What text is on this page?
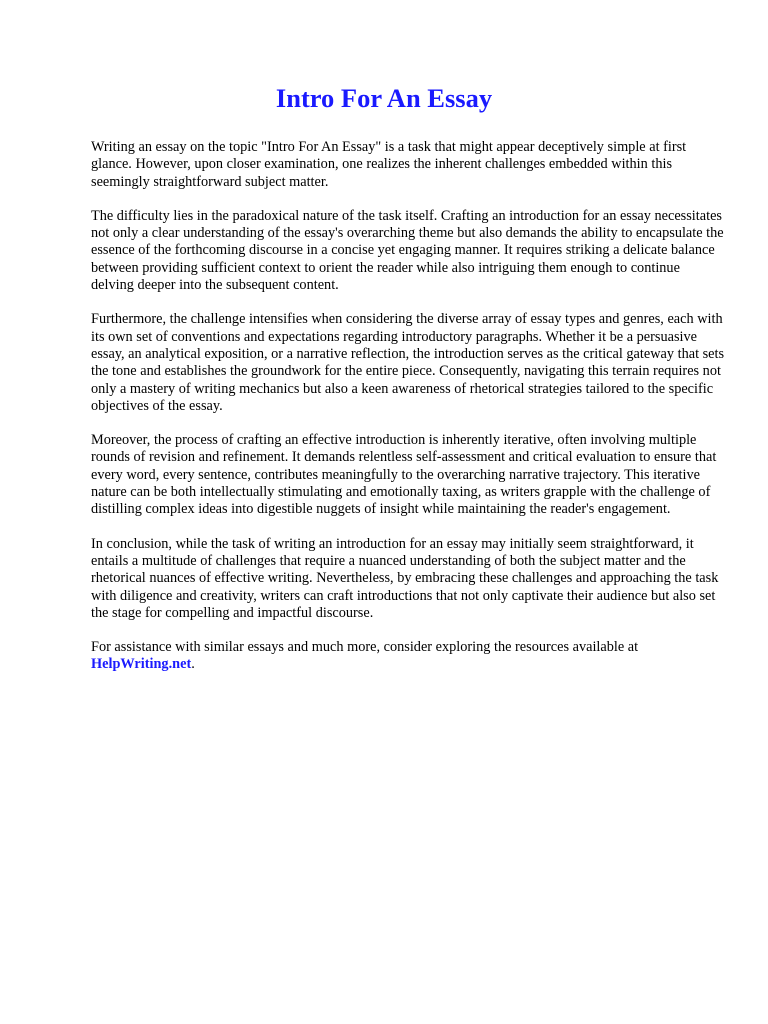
Intro For An Essay

Writing an essay on the topic "Intro For An Essay" is a task that might appear deceptively simple at first glance. However, upon closer examination, one realizes the inherent challenges embedded within this seemingly straightforward subject matter.

The difficulty lies in the paradoxical nature of the task itself. Crafting an introduction for an essay necessitates not only a clear understanding of the essay's overarching theme but also demands the ability to encapsulate the essence of the forthcoming discourse in a concise yet engaging manner. It requires striking a delicate balance between providing sufficient context to orient the reader while also intriguing them enough to continue delving deeper into the subsequent content.

Furthermore, the challenge intensifies when considering the diverse array of essay types and genres, each with its own set of conventions and expectations regarding introductory paragraphs. Whether it be a persuasive essay, an analytical exposition, or a narrative reflection, the introduction serves as the critical gateway that sets the tone and establishes the groundwork for the entire piece. Consequently, navigating this terrain requires not only a mastery of writing mechanics but also a keen awareness of rhetorical strategies tailored to the specific objectives of the essay.

Moreover, the process of crafting an effective introduction is inherently iterative, often involving multiple rounds of revision and refinement. It demands relentless self-assessment and critical evaluation to ensure that every word, every sentence, contributes meaningfully to the overarching narrative trajectory. This iterative nature can be both intellectually stimulating and emotionally taxing, as writers grapple with the challenge of distilling complex ideas into digestible nuggets of insight while maintaining the reader's engagement.

In conclusion, while the task of writing an introduction for an essay may initially seem straightforward, it entails a multitude of challenges that require a nuanced understanding of both the subject matter and the rhetorical nuances of effective writing. Nevertheless, by embracing these challenges and approaching the task with diligence and creativity, writers can craft introductions that not only captivate their audience but also set the stage for compelling and impactful discourse.

For assistance with similar essays and much more, consider exploring the resources available at
HelpWriting.net.
